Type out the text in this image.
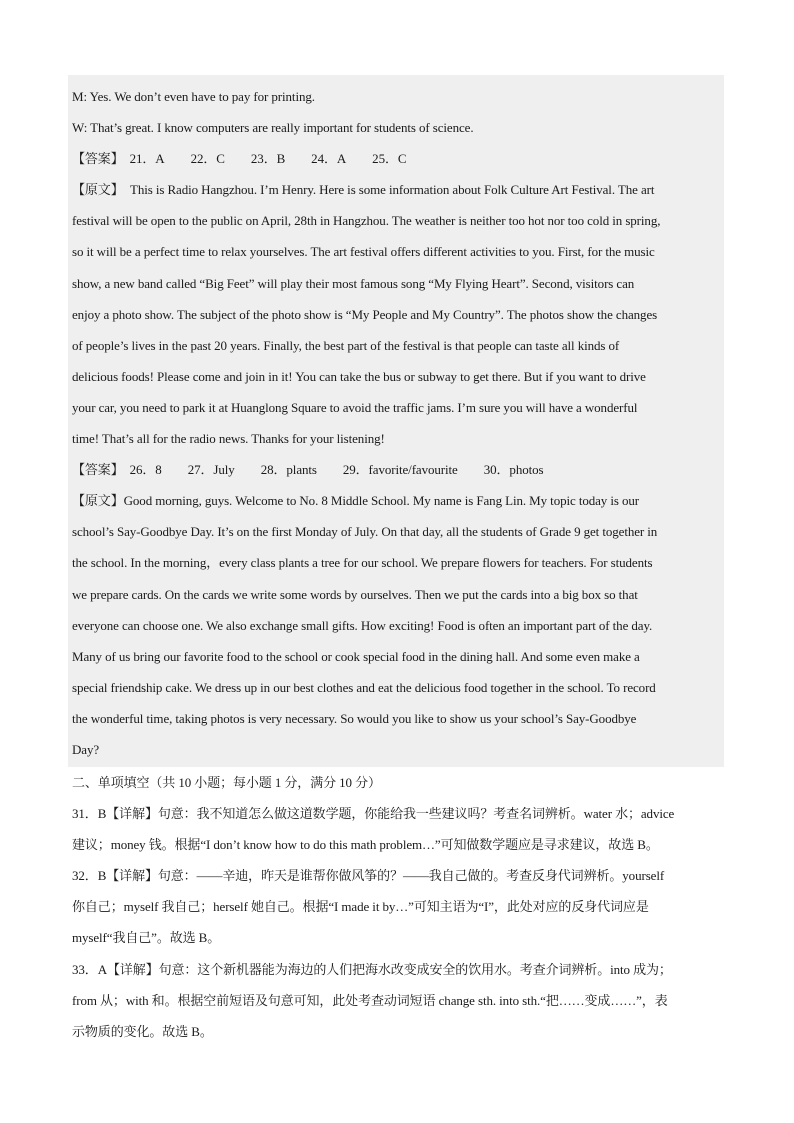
M: Yes. We don’t even have to pay for printing.
W: That’s great. I know computers are really important for students of science.
【答案】 21．A 22．C 23．B 24．A 25．C
【原文】　This is Radio Hangzhou. I’m Henry. Here is some information about Folk Culture Art Festival. The art
festival will be open to the public on April, 28th in Hangzhou. The weather is neither too hot nor too cold in spring,
so it will be a perfect time to relax yourselves. The art festival offers different activities to you. First, for the music
show, a new band called “Big Feet” will play their most famous song “My Flying Heart”. Second, visitors can
enjoy a photo show. The subject of the photo show is “My People and My Country”. The photos show the changes
of people’s lives in the past 20 years. Finally, the best part of the festival is that people can taste all kinds of
delicious foods! Please come and join in it! You can take the bus or subway to get there. But if you want to drive
your car, you need to park it at Huanglong Square to avoid the traffic jams. I’m sure you will have a wonderful
time! That’s all for the radio news. Thanks for your listening!
【答案】 26．8 27．July 28．plants 29．favorite/favourite 30．photos
【原文】Good morning, guys. Welcome to No. 8 Middle School. My name is Fang Lin. My topic today is our
school’s Say-Goodbye Day. It’s on the first Monday of July. On that day, all the students of Grade 9 get together in
the school. In the morning，every class plants a tree for our school. We prepare flowers for teachers. For students
we prepare cards. On the cards we write some words by ourselves. Then we put the cards into a big box so that
everyone can choose one. We also exchange small gifts. How exciting! Food is often an important part of the day.
Many of us bring our favorite food to the school or cook special food in the dining hall. And some even make a
special friendship cake. We dress up in our best clothes and eat the delicious food together in the school. To record
the wonderful time, taking photos is very necessary. So would you like to show us your school’s Say-Goodbye
Day?
二、单项填空（共 10 小题；每小题 1 分，满分 10 分）
31．B【详解】句意：我不知道怎么做这道数学题，你能给我一些建议吗？考查名词辨析。water 水；advice
建议；money 钱。根据“I don’t know how to do this math problem…”可知做数学题应是寻求建议，故选 B。
32．B【详解】句意：——辛迪，昨天是谁帮你做风筝的？——我自己做的。考查反身代词辨析。yourself
你自己；myself 我自己；herself 她自己。根据“I made it by…”可知主语为“I”，此处对应的反身代词应是
myself“我自己”。故选 B。
33．A【详解】句意：这个新机器能为海边的人们把海水改变成安全的饮用水。考查介词辨析。into 成为；
from 从；with 和。根据空前短语及句意可知，此处考查动词短语 change sth. into sth.“把……变成……”，表
示物质的变化。故选 B。
